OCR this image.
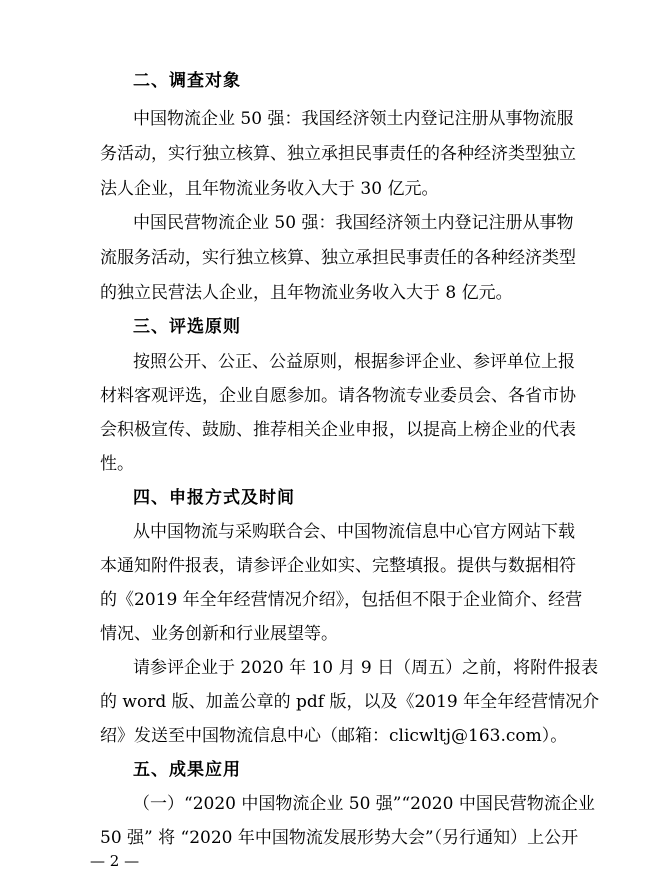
二、调查对象
中国物流企业 50 强：我国经济领土内登记注册从事物流服
务活动，实行独立核算、独立承担民事责任的各种经济类型独立
法人企业，且年物流业务收入大于 30 亿元。
中国民营物流企业 50 强：我国经济领土内登记注册从事物
流服务活动，实行独立核算、独立承担民事责任的各种经济类型
的独立民营法人企业，且年物流业务收入大于 8 亿元。
三、评选原则
按照公开、公正、公益原则，根据参评企业、参评单位上报
材料客观评选，企业自愿参加。请各物流专业委员会、各省市协
会积极宣传、鼓励、推荐相关企业申报，以提高上榜企业的代表
性。
四、申报方式及时间
从中国物流与采购联合会、中国物流信息中心官方网站下载
本通知附件报表，请参评企业如实、完整填报。提供与数据相符
的《2019 年全年经营情况介绍》，包括但不限于企业简介、经营
情况、业务创新和行业展望等。
请参评企业于 2020 年 10 月 9 日（周五）之前，将附件报表
的 word 版、加盖公章的 pdf 版，以及《2019 年全年经营情况介
绍》发送至中国物流信息中心（邮箱：clicwltj@163.com）。
五、成果应用
（一）“2020 中国物流企业 50 强”“2020 中国民营物流企业
50 强” 将 “2020 年中国物流发展形势大会”（另行通知）上公开
— 2 —
